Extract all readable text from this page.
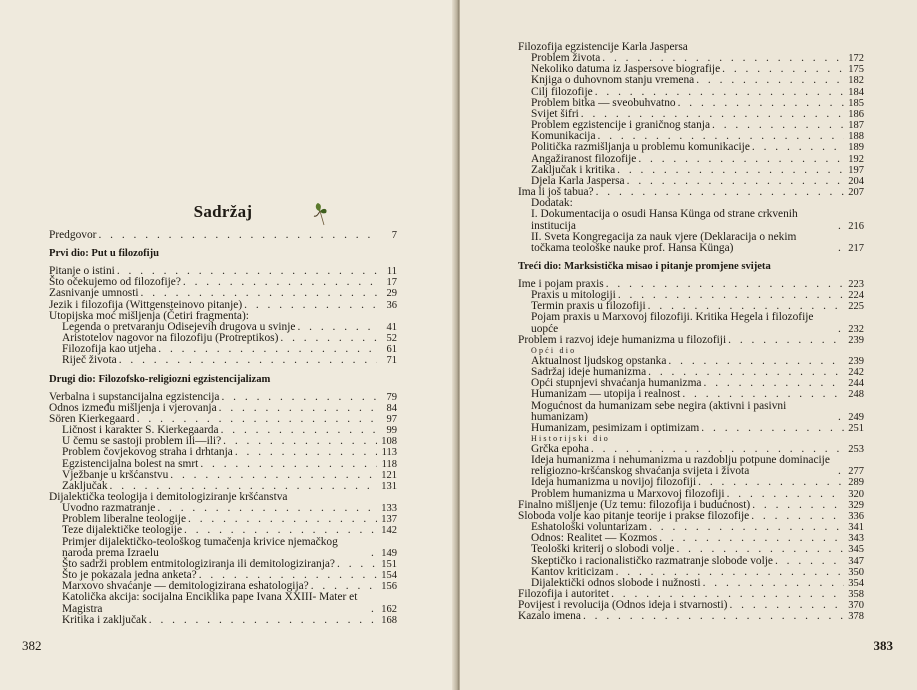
Sadržaj
Predgovor . . .	7
Prvi dio: Put u filozofiju
Pitanje o istini . . .	11
Što očekujemo od filozofije? . . .	17
Zasnivanje umnosti . . .	29
Jezik i filozofija (Wittgensteinovo pitanje) . . .	36
Utopijska moć mišljenja (Četiri fragmenta):
Legenda o pretvaranju Odisejevih drugova u svinje . . .	41
Aristotelov nagovor na filozofiju (Protreptikos) . . .	52
Filozofija kao utjeha . . .	61
Riječ života . . .	71
Drugi dio: Filozofsko-religiozni egzistencijalizam
Verbalna i supstancijalna egzistencija . . .	79
Odnos između mišljenja i vjerovanja . . .	84
Sören Kierkegaard . . .	97
Ličnost i karakter S. Kierkegaarda . . .	99
U čemu se sastoji problem ili—ili? . . .	108
Problem čovjekovog straha i drhtanja . . .	113
Egzistencijalna bolest na smrt . . .	118
Vježbanje u kršćanstvu . . .	121
Zaključak . . .	131
Dijalektička teologija i demitologiziranje kršćanstva
Uvodno razmatranje . . .	133
Problem liberalne teologije . . .	137
Teze dijalektičke teologije . . .	142
Primjer dijalektičko-teološkog tumačenja krivice njemačkog naroda prema Izraelu . . .	149
Što sadrži problem entmitologiziranja ili demitologiziranja? . . .	151
Što je pokazala jedna anketa? . . .	154
Marxovo shvaćanje — demitologizirana eshatologija? . . .	156
Katolička akcija: socijalna Enciklika pape Ivana XXIII- Mater et Magistra . . .	162
Kritika i zaključak . . .	168
382
Filozofija egzistencije Karla Jaspersa
Problem života . . .	172
Nekoliko datuma iz Jaspersove biografije . . .	175
Knjiga o duhovnom stanju vremena . . .	182
Cilj filozofije . . .	184
Problem bitka — sveobuhvatno . . .	185
Svijet šifri . . .	186
Problem egzistencije i graničnog stanja . . .	187
Komunikacija . . .	188
Politička razmišljanja u problemu komunikacije . . .	189
Angažiranost filozofije . . .	192
Zaključak i kritika . . .	197
Djela Karla Jaspersa . . .	204
Ima li još tabua? . . .	207
Dodatak:
I. Dokumentacija o osudi Hansa Künga od strane crkvenih institucija . . .	216
II. Sveta Kongregacija za nauk vjere (Deklaracija o nekim točkama teološke nauke prof. Hansa Künga) . . .	217
Treći dio: Marksistička misao i pitanje promjene svijeta
Ime i pojam praxis . . .	223
Praxis u mitologiji . . .	224
Termin praxis u filozofiji . . .	225
Pojam praxis u Marxovoj filozofiji. Kritika Hegela i filozofije uopće . . .	232
Problem i razvoj ideje humanizma u filozofiji . . .	239
Opći dio
Aktualnost ljudskog opstanka . . .	239
Sadržaj ideje humanizma . . .	242
Opći stupnjevi shvaćanja humanizma . . .	244
Humanizam — utopija i realnost . . .	248
Mogućnost da humanizam sebe negira (aktivni i pasivni humanizam) . . .	249
Humanizam, pesimizam i optimizam . . .	251
Historijski dio
Grčka epoha . . .	253
Ideja humanizma i nehumanizma u razdoblju potpune dominacije religiozno-kršćanskog shvaćanja svijeta i života . . .	277
Ideja humanizma u novijoj filozofiji . . .	289
Problem humanizma u Marxovoj filozofiji . . .	320
Finalno mišljenje (Uz temu: filozofija i budućnost) . . .	329
Sloboda volje kao pitanje teorije i prakse filozofije . . .	336
Eshatološki voluntarizam . . .	341
Odnos: Realitet — Kozmos . . .	343
Teološki kriterij o slobodi volje . . .	345
Skeptičko i racionalističko razmatranje slobode volje . . .	347
Kantov kriticizam . . .	350
Dijalektički odnos slobode i nužnosti . . .	354
Filozofija i autoritet . . .	358
Povijest i revolucija (Odnos ideja i stvarnosti) . . .	370
Kazalo imena . . .	378
383
